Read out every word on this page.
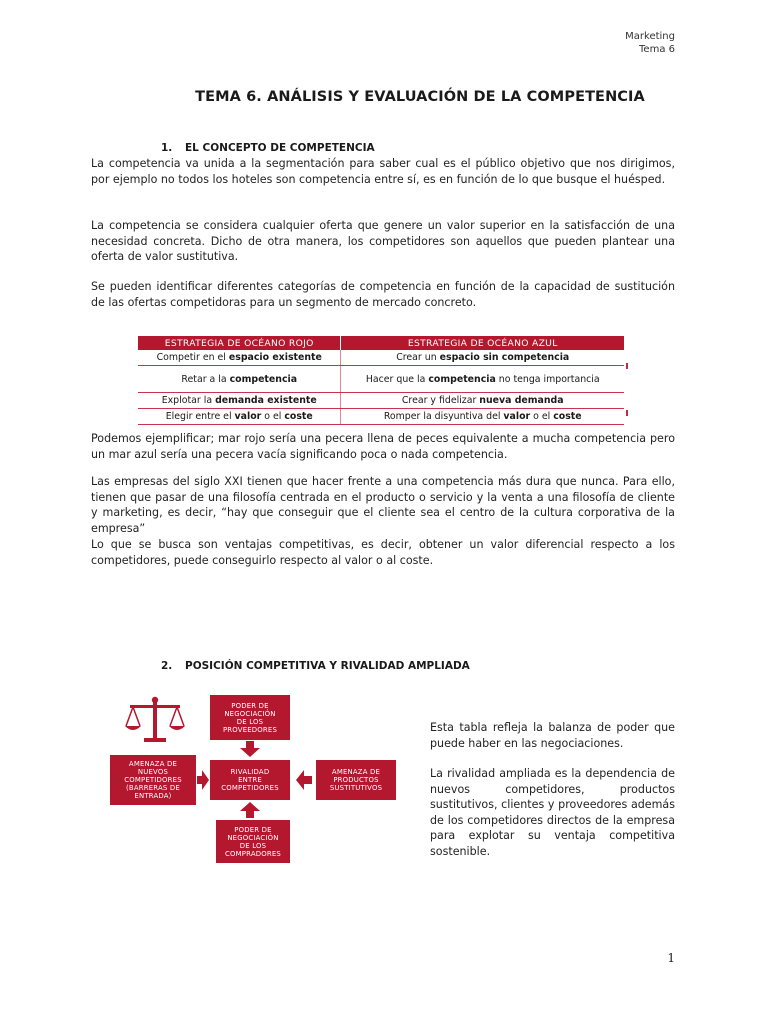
Marketing
Tema 6
TEMA 6. ANÁLISIS Y EVALUACIÓN DE LA COMPETENCIA
1. EL CONCEPTO DE COMPETENCIA

La competencia va unida a la segmentación para saber cual es el público objetivo que nos dirigimos, por ejemplo no todos los hoteles son competencia entre sí, es en función de lo que busque el huésped.

La competencia se considera cualquier oferta que genere un valor superior en la satisfacción de una necesidad concreta. Dicho de otra manera, los competidores son aquellos que pueden plantear una oferta de valor sustitutiva.

Se pueden identificar diferentes categorías de competencia en función de la capacidad de sustitución de las ofertas competidoras para un segmento de mercado concreto.

ESTRATEGIA DE OCÉANO ROJO	ESTRATEGIA DE OCÉANO AZUL
Competir en el espacio existente	Crear un espacio sin competencia
Retar a la competencia	Hacer que la competencia no tenga importancia
Explotar la demanda existente	Crear y fidelizar nueva demanda
Elegir entre el valor o el coste	Romper la disyuntiva del valor o el coste

Podemos ejemplificar; mar rojo sería una pecera llena de peces equivalente a mucha competencia pero un mar azul sería una pecera vacía significando poca o nada competencia.

Las empresas del siglo XXI tienen que hacer frente a una competencia más dura que nunca. Para ello, tienen que pasar de una filosofía centrada en el producto o servicio y la venta a una filosofía de cliente y marketing, es decir, “hay que conseguir que el cliente sea el centro de la cultura corporativa de la empresa”

Lo que se busca son ventajas competitivas, es decir, obtener un valor diferencial respecto a los competidores, puede conseguirlo respecto al valor o al coste.

2. POSICIÓN COMPETITIVA Y RIVALIDAD AMPLIADA
PODER DE
NEGOCIACIÓN
DE LOS
PROVEEDORES
AMENAZA DE
NUEVOS
COMPETIDORES
(BARRERAS DE
ENTRADA)
RIVALIDAD
ENTRE
COMPETIDORES
AMENAZA DE
PRODUCTOS
SUSTITUTIVOS
PODER DE
NEGOCIACIÓN
DE LOS
COMPRADORES

Esta tabla refleja la balanza de poder que puede haber en las negociaciones.

La rivalidad ampliada es la dependencia de nuevos competidores, productos sustitutivos, clientes y proveedores además de los competidores directos de la empresa para explotar su ventaja competitiva sostenible.

1
